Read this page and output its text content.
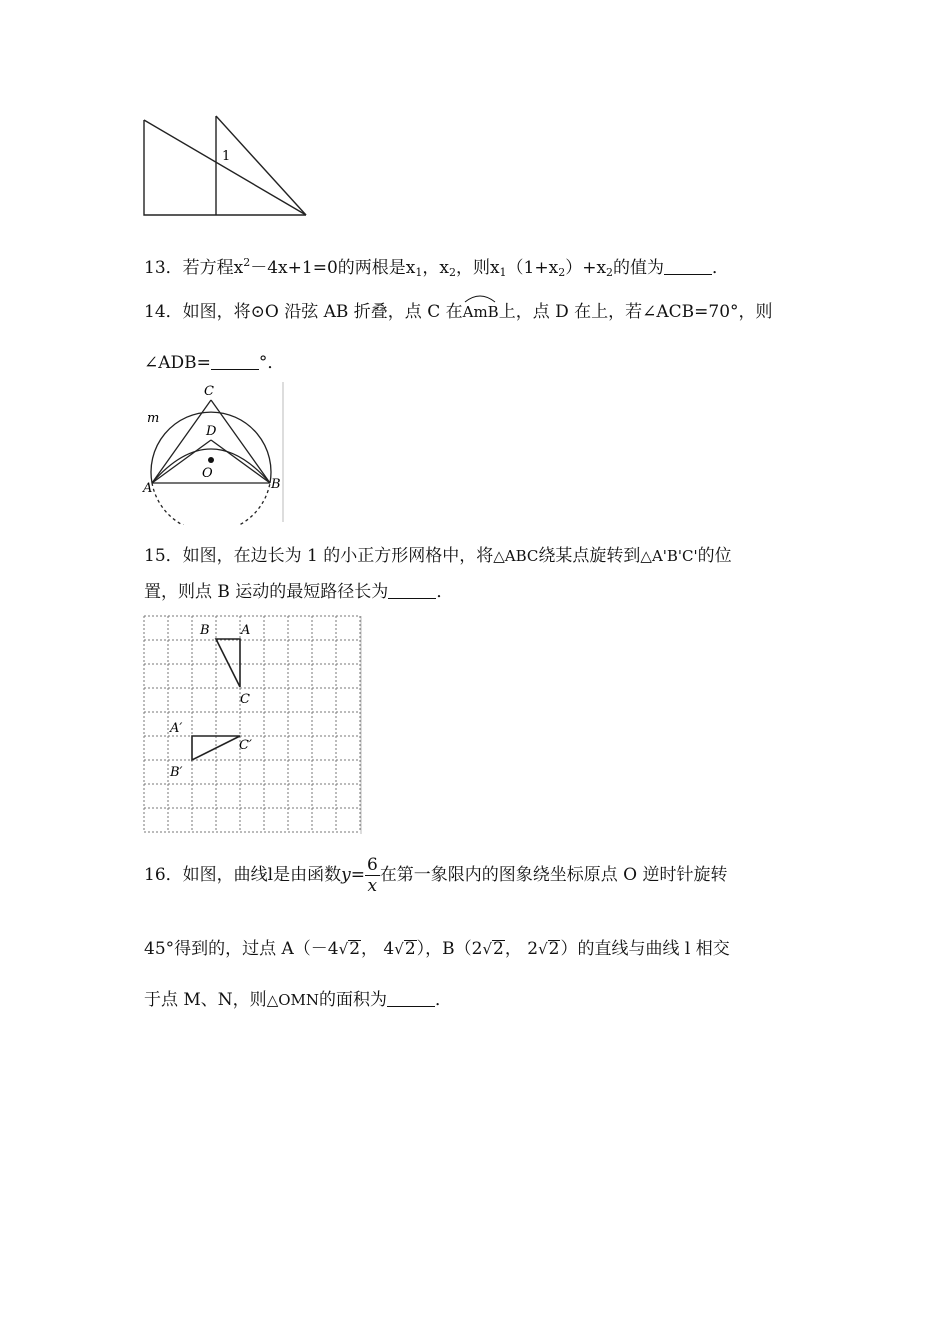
1
13．若方程$x^2-4x+1=0$的两根是$x_1$，$x_2$，则$x_1(1+x_2)+x_2$的值为	．
14．如图，将⊙O 沿弦 AB 折叠，点 C 在
AmB上，点 D 在上，若∠ACB=70°，则
∠ADB=	°．
C
D
O
A	B
m
15．如图，在边长为 1 的小正方形网格中，将△ABC绕某点旋转到△A'B'C'的位
置，则点 B 运动的最短路径长为	．
B A
C
A′
C′
B′
16．如图，曲线l是由函数$y= \frac{6}{x}$ 在第一象限内的图象绕坐标原点 O 逆时针旋转
45°得到的，过点 A（－4√2， 4√2），B（2√2， 2√2）的直线与曲线 l 相交
于点 M、N，则△OMN的面积为	．
